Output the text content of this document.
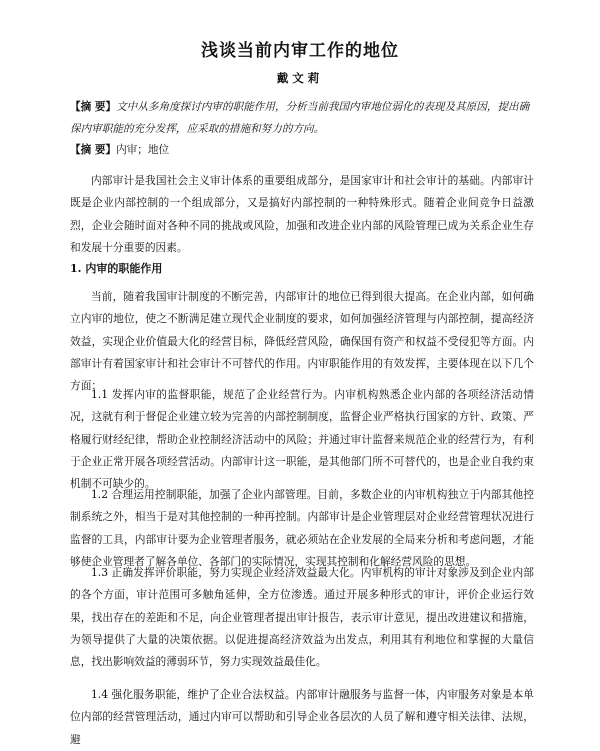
浅谈当前内审工作的地位
戴文莉
【摘 要】文中从多角度探讨内审的职能作用，分析当前我国内审地位弱化的表现及其原因，提出确保内审职能的充分发挥，应采取的措施和努力的方向。
【摘 要】内审；地位

内部审计是我国社会主义审计体系的重要组成部分，是国家审计和社会审计的基础。内部审计既是企业内部控制的一个组成部分，又是搞好内部控制的一种特殊形式。随着企业间竞争日益激烈，企业会随时面对各种不同的挑战或风险，加强和改进企业内部的风险管理已成为关系企业生存和发展十分重要的因素。

1. 内审的职能作用

当前，随着我国审计制度的不断完善，内部审计的地位已得到很大提高。在企业内部，如何确立内审的地位，使之不断满足建立现代企业制度的要求，如何加强经济管理与内部控制，提高经济效益，实现企业价值最大化的经营目标，降低经营风险，确保国有资产和权益不受侵犯等方面。内部审计有着国家审计和社会审计不可替代的作用。内审职能作用的有效发挥，主要体现在以下几个方面：

1.1 发挥内审的监督职能，规范了企业经营行为。内审机构熟悉企业内部的各项经济活动情况，这就有利于督促企业建立较为完善的内部控制制度，监督企业严格执行国家的方针、政策、严格履行财经纪律，帮助企业控制经济活动中的风险；并通过审计监督来规范企业的经营行为，有利于企业正常开展各项经营活动。内部审计这一职能，是其他部门所不可替代的，也是企业自我约束机制不可缺少的。

1.2 合理运用控制职能，加强了企业内部管理。目前，多数企业的内审机构独立于内部其他控制系统之外，相当于是对其他控制的一种再控制。内部审计是企业管理层对企业经营管理状况进行监督的工具，内部审计要为企业管理者服务，就必须站在企业发展的全局来分析和考虑问题，才能够使企业管理者了解各单位、各部门的实际情况，实现其控制和化解经营风险的思想。

1.3 正确发挥评价职能，努力实现企业经济效益最大化。内审机构的审计对象涉及到企业内部的各个方面，审计范围可多触角延伸，全方位渗透。通过开展多种形式的审计，评价企业运行效果，找出存在的差距和不足，向企业管理者提出审计报告，表示审计意见，提出改进建议和措施，为领导提供了大量的决策依据。以促进提高经济效益为出发点，利用其有利地位和掌握的大量信息，找出影响效益的薄弱环节，努力实现效益最佳化。

1.4 强化服务职能，维护了企业合法权益。内部审计融服务与监督一体，内审服务对象是本单位内部的经营管理活动，通过内审可以帮助和引导企业各层次的人员了解和遵守相关法律、法规，避
